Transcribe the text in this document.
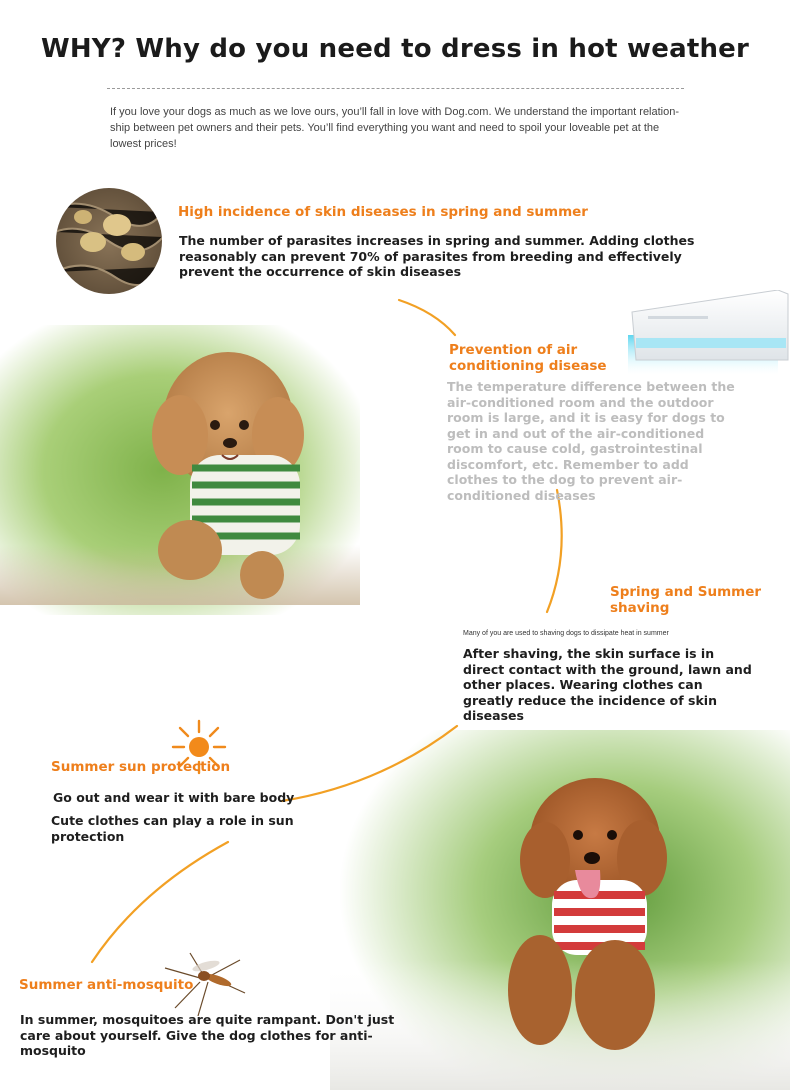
WHY? Why do you need to dress in hot weather
If you love your dogs as much as we love ours, you’ll fall in love with Dog.com. We understand the important relation-ship between pet owners and their pets. You’ll find everything you want and need to spoil your loveable pet at the lowest prices!
High incidence of skin diseases in spring and summer
The number of parasites increases in spring and summer. Adding clothes reasonably can prevent 70% of parasites from breeding and effectively prevent the occurrence of skin diseases
Prevention of air conditioning disease
The temperature difference between the air-conditioned room and the outdoor room is large, and it is easy for dogs to get in and out of the air-conditioned room to cause cold, gastrointestinal discomfort, etc. Remember to add clothes to the dog to prevent air-conditioned diseases
Spring and Summer shaving
Many of you are used to shaving dogs to dissipate heat in summer
After shaving, the skin surface is in direct contact with the ground, lawn and other places. Wearing clothes can greatly reduce the incidence of skin diseases
Summer sun protection
Go out and wear it with bare body
Cute clothes can play a role in sun protection
Summer anti-mosquito
In summer, mosquitoes are quite rampant. Don't just care about yourself. Give the dog clothes for anti-mosquito
